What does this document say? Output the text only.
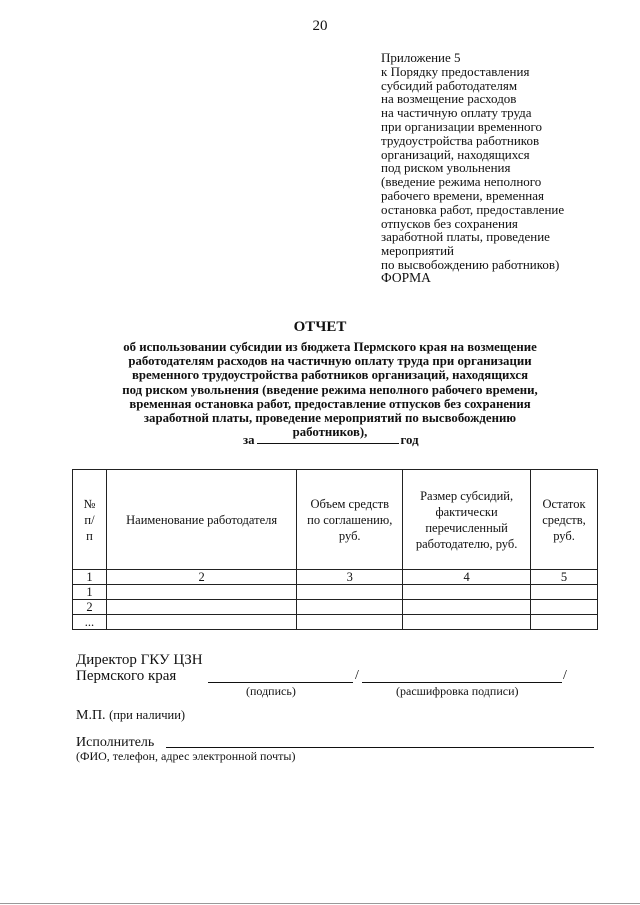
20
Приложение 5
к Порядку предоставления
субсидий работодателям
на возмещение расходов
на частичную оплату труда
при организации временного
трудоустройства работников
организаций, находящихся
под риском увольнения
(введение режима неполного
рабочего времени, временная
остановка работ, предоставление
отпусков без сохранения
заработной платы, проведение
мероприятий
по высвобождению работников)
ФОРМА
ОТЧЕТ
об использовании субсидии из бюджета Пермского края на возмещение
работодателям расходов на частичную оплату труда при организации
временного трудоустройства работников организаций, находящихся
под риском увольнения (введение режима неполного рабочего времени,
временная остановка работ, предоставление отпусков без сохранения
заработной платы, проведение мероприятий по высвобождению
работников),
за	год
№ п/п	Наименование работодателя	Объем средств по соглашению, руб.	Размер субсидий, фактически перечисленный работодателю, руб.	Остаток средств, руб.
1	2	3	4	5
1				
2				
...				
Директор ГКУ ЦЗН
Пермского края	/	/
(подпись)	(расшифровка подписи)
М.П. (при наличии)
Исполнитель
(ФИО, телефон, адрес электронной почты)
